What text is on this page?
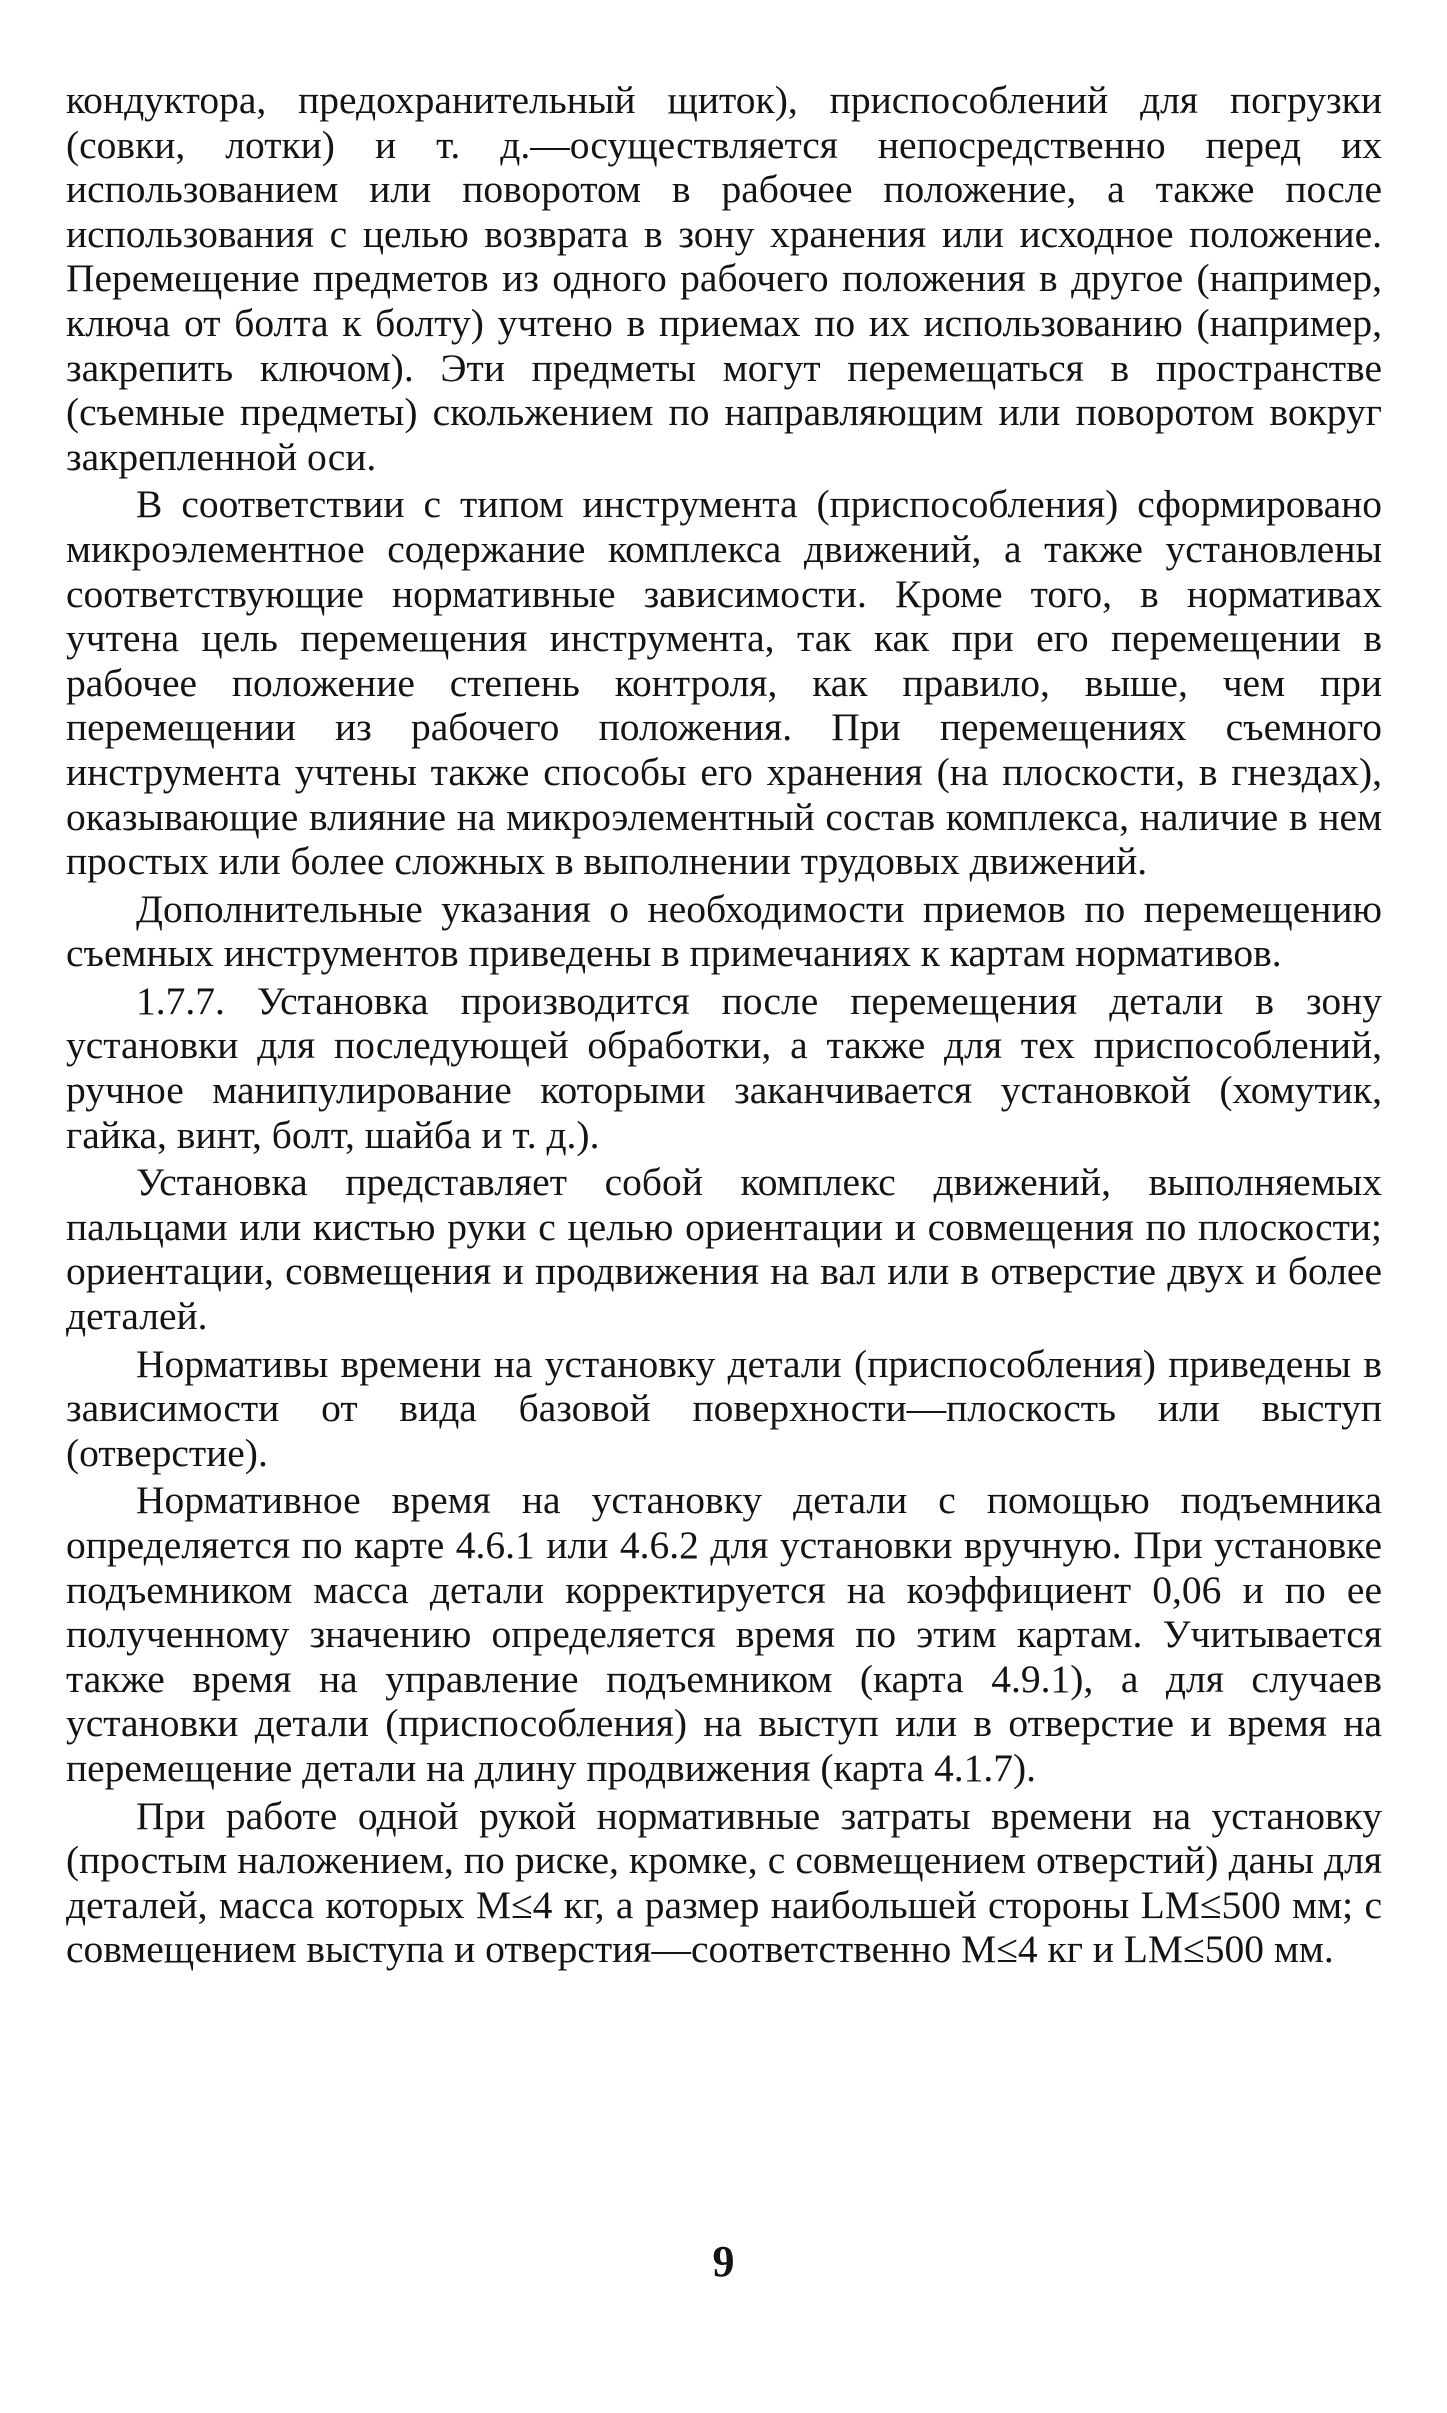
кондуктора, предохранительный щиток), приспособлений для погрузки (совки, лотки) и т. д.—осуществляется непосредственно перед их использованием или поворотом в рабочее положение, а также после использования с целью возврата в зону хранения или исходное положение. Перемещение предметов из одного рабочего положения в другое (например, ключа от болта к болту) учтено в приемах по их использованию (например, закрепить ключом). Эти предметы могут перемещаться в пространстве (съемные предметы) скольжением по направляющим или поворотом вокруг закрепленной оси.

В соответствии с типом инструмента (приспособления) сформировано микроэлементное содержание комплекса движений, а также установлены соответствующие нормативные зависимости. Кроме того, в нормативах учтена цель перемещения инструмента, так как при его перемещении в рабочее положение степень контроля, как правило, выше, чем при перемещении из рабочего положения. При перемещениях съемного инструмента учтены также способы его хранения (на плоскости, в гнездах), оказывающие влияние на микроэлементный состав комплекса, наличие в нем простых или более сложных в выполнении трудовых движений.

Дополнительные указания о необходимости приемов по перемещению съемных инструментов приведены в примечаниях к картам нормативов.

1.7.7. Установка производится после перемещения детали в зону установки для последующей обработки, а также для тех приспособлений, ручное манипулирование которыми заканчивается установкой (хомутик, гайка, винт, болт, шайба и т. д.).

Установка представляет собой комплекс движений, выполняемых пальцами или кистью руки с целью ориентации и совмещения по плоскости; ориентации, совмещения и продвижения на вал или в отверстие двух и более деталей.

Нормативы времени на установку детали (приспособления) приведены в зависимости от вида базовой поверхности—плоскость или выступ (отверстие).

Нормативное время на установку детали с помощью подъемника определяется по карте 4.6.1 или 4.6.2 для установки вручную. При установке подъемником масса детали корректируется на коэффициент 0,06 и по ее полученному значению определяется время по этим картам. Учитывается также время на управление подъемником (карта 4.9.1), а для случаев установки детали (приспособления) на выступ или в отверстие и время на перемещение детали на длину продвижения (карта 4.1.7).

При работе одной рукой нормативные затраты времени на установку (простым наложением, по риске, кромке, с совмещением отверстий) даны для деталей, масса которых M≤4 кг, а размер наибольшей стороны LM≤500 мм; с совмещением выступа и отверстия—соответственно M≤4 кг и LM≤500 мм.

9
